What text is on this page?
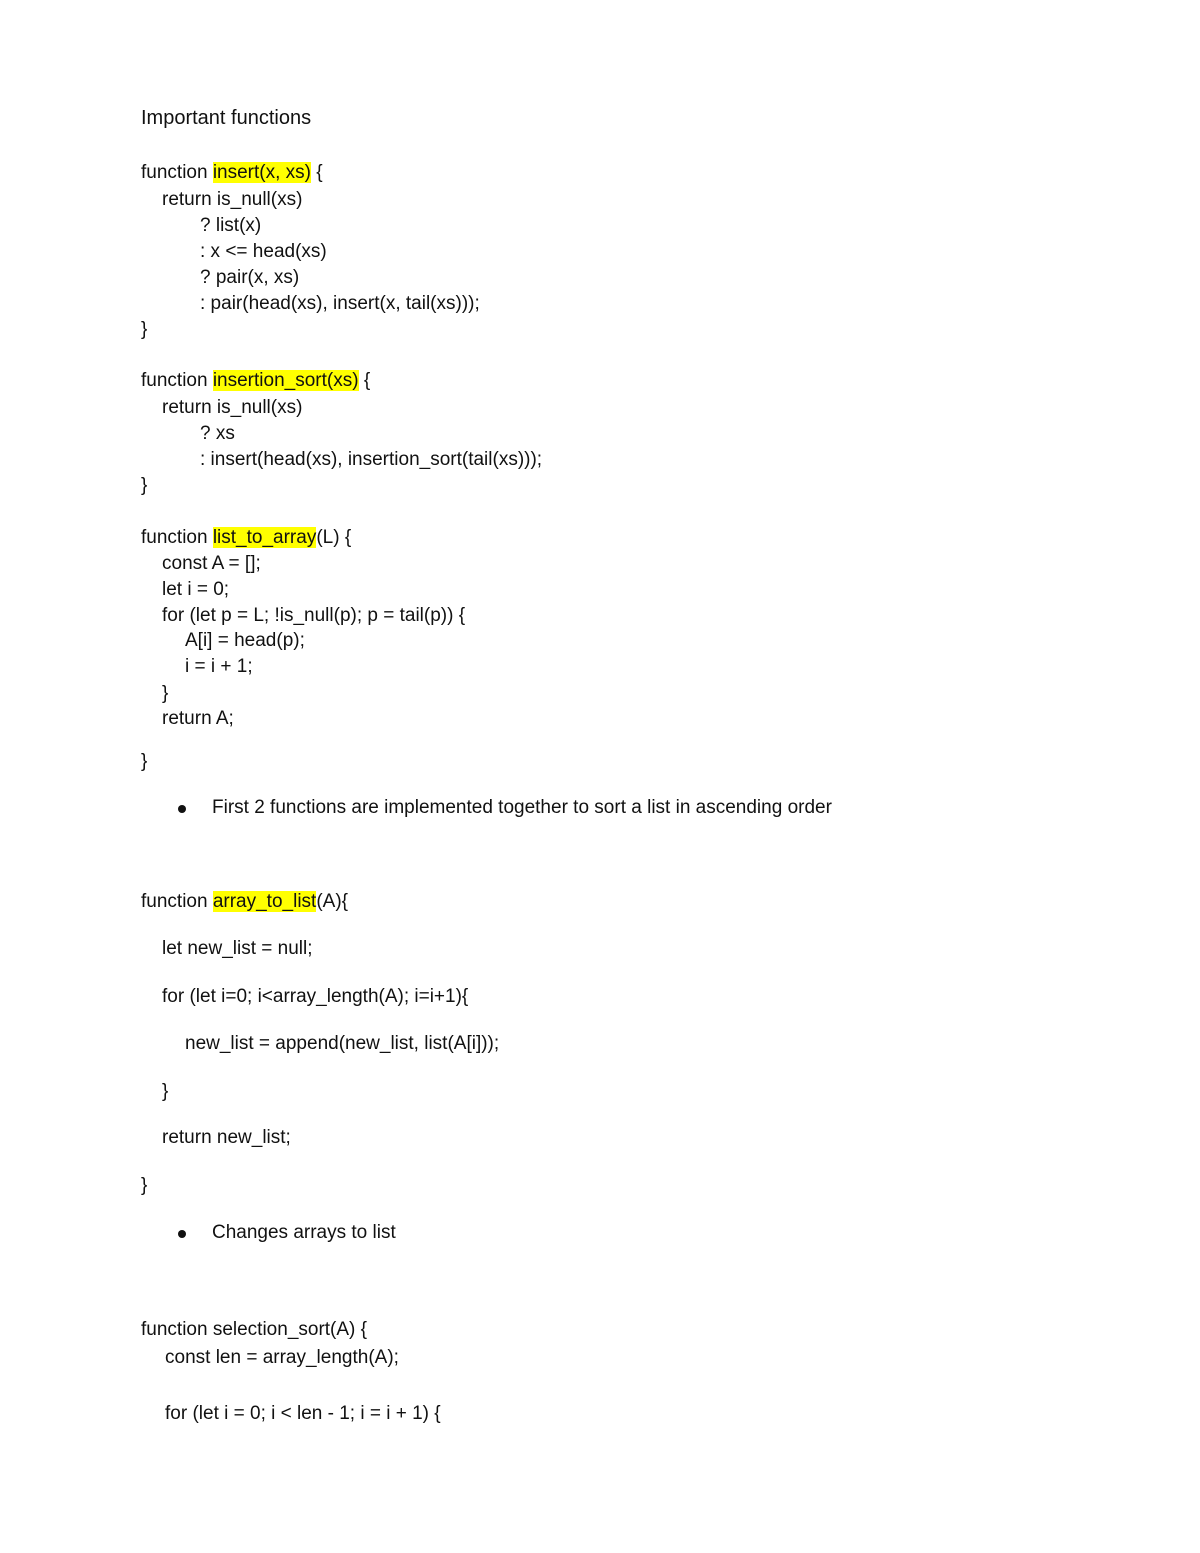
Important functions
function insert(x, xs) {
return is_null(xs)
? list(x)
: x <= head(xs)
? pair(x, xs)
: pair(head(xs), insert(x, tail(xs)));
}
function insertion_sort(xs) {
return is_null(xs)
? xs
: insert(head(xs), insertion_sort(tail(xs)));
}
function list_to_array(L) {
const A = [];
let i = 0;
for (let p = L; !is_null(p); p = tail(p)) {
A[i] = head(p);
i = i + 1;
}
return A;
}
First 2 functions are implemented together to sort a list in ascending order
function array_to_list(A){
let new_list = null;
for (let i=0; i<array_length(A); i=i+1){
new_list = append(new_list, list(A[i]));
}
return new_list;
}
Changes arrays to list
function selection_sort(A) {
const len = array_length(A);
for (let i = 0; i < len - 1; i = i + 1) {
